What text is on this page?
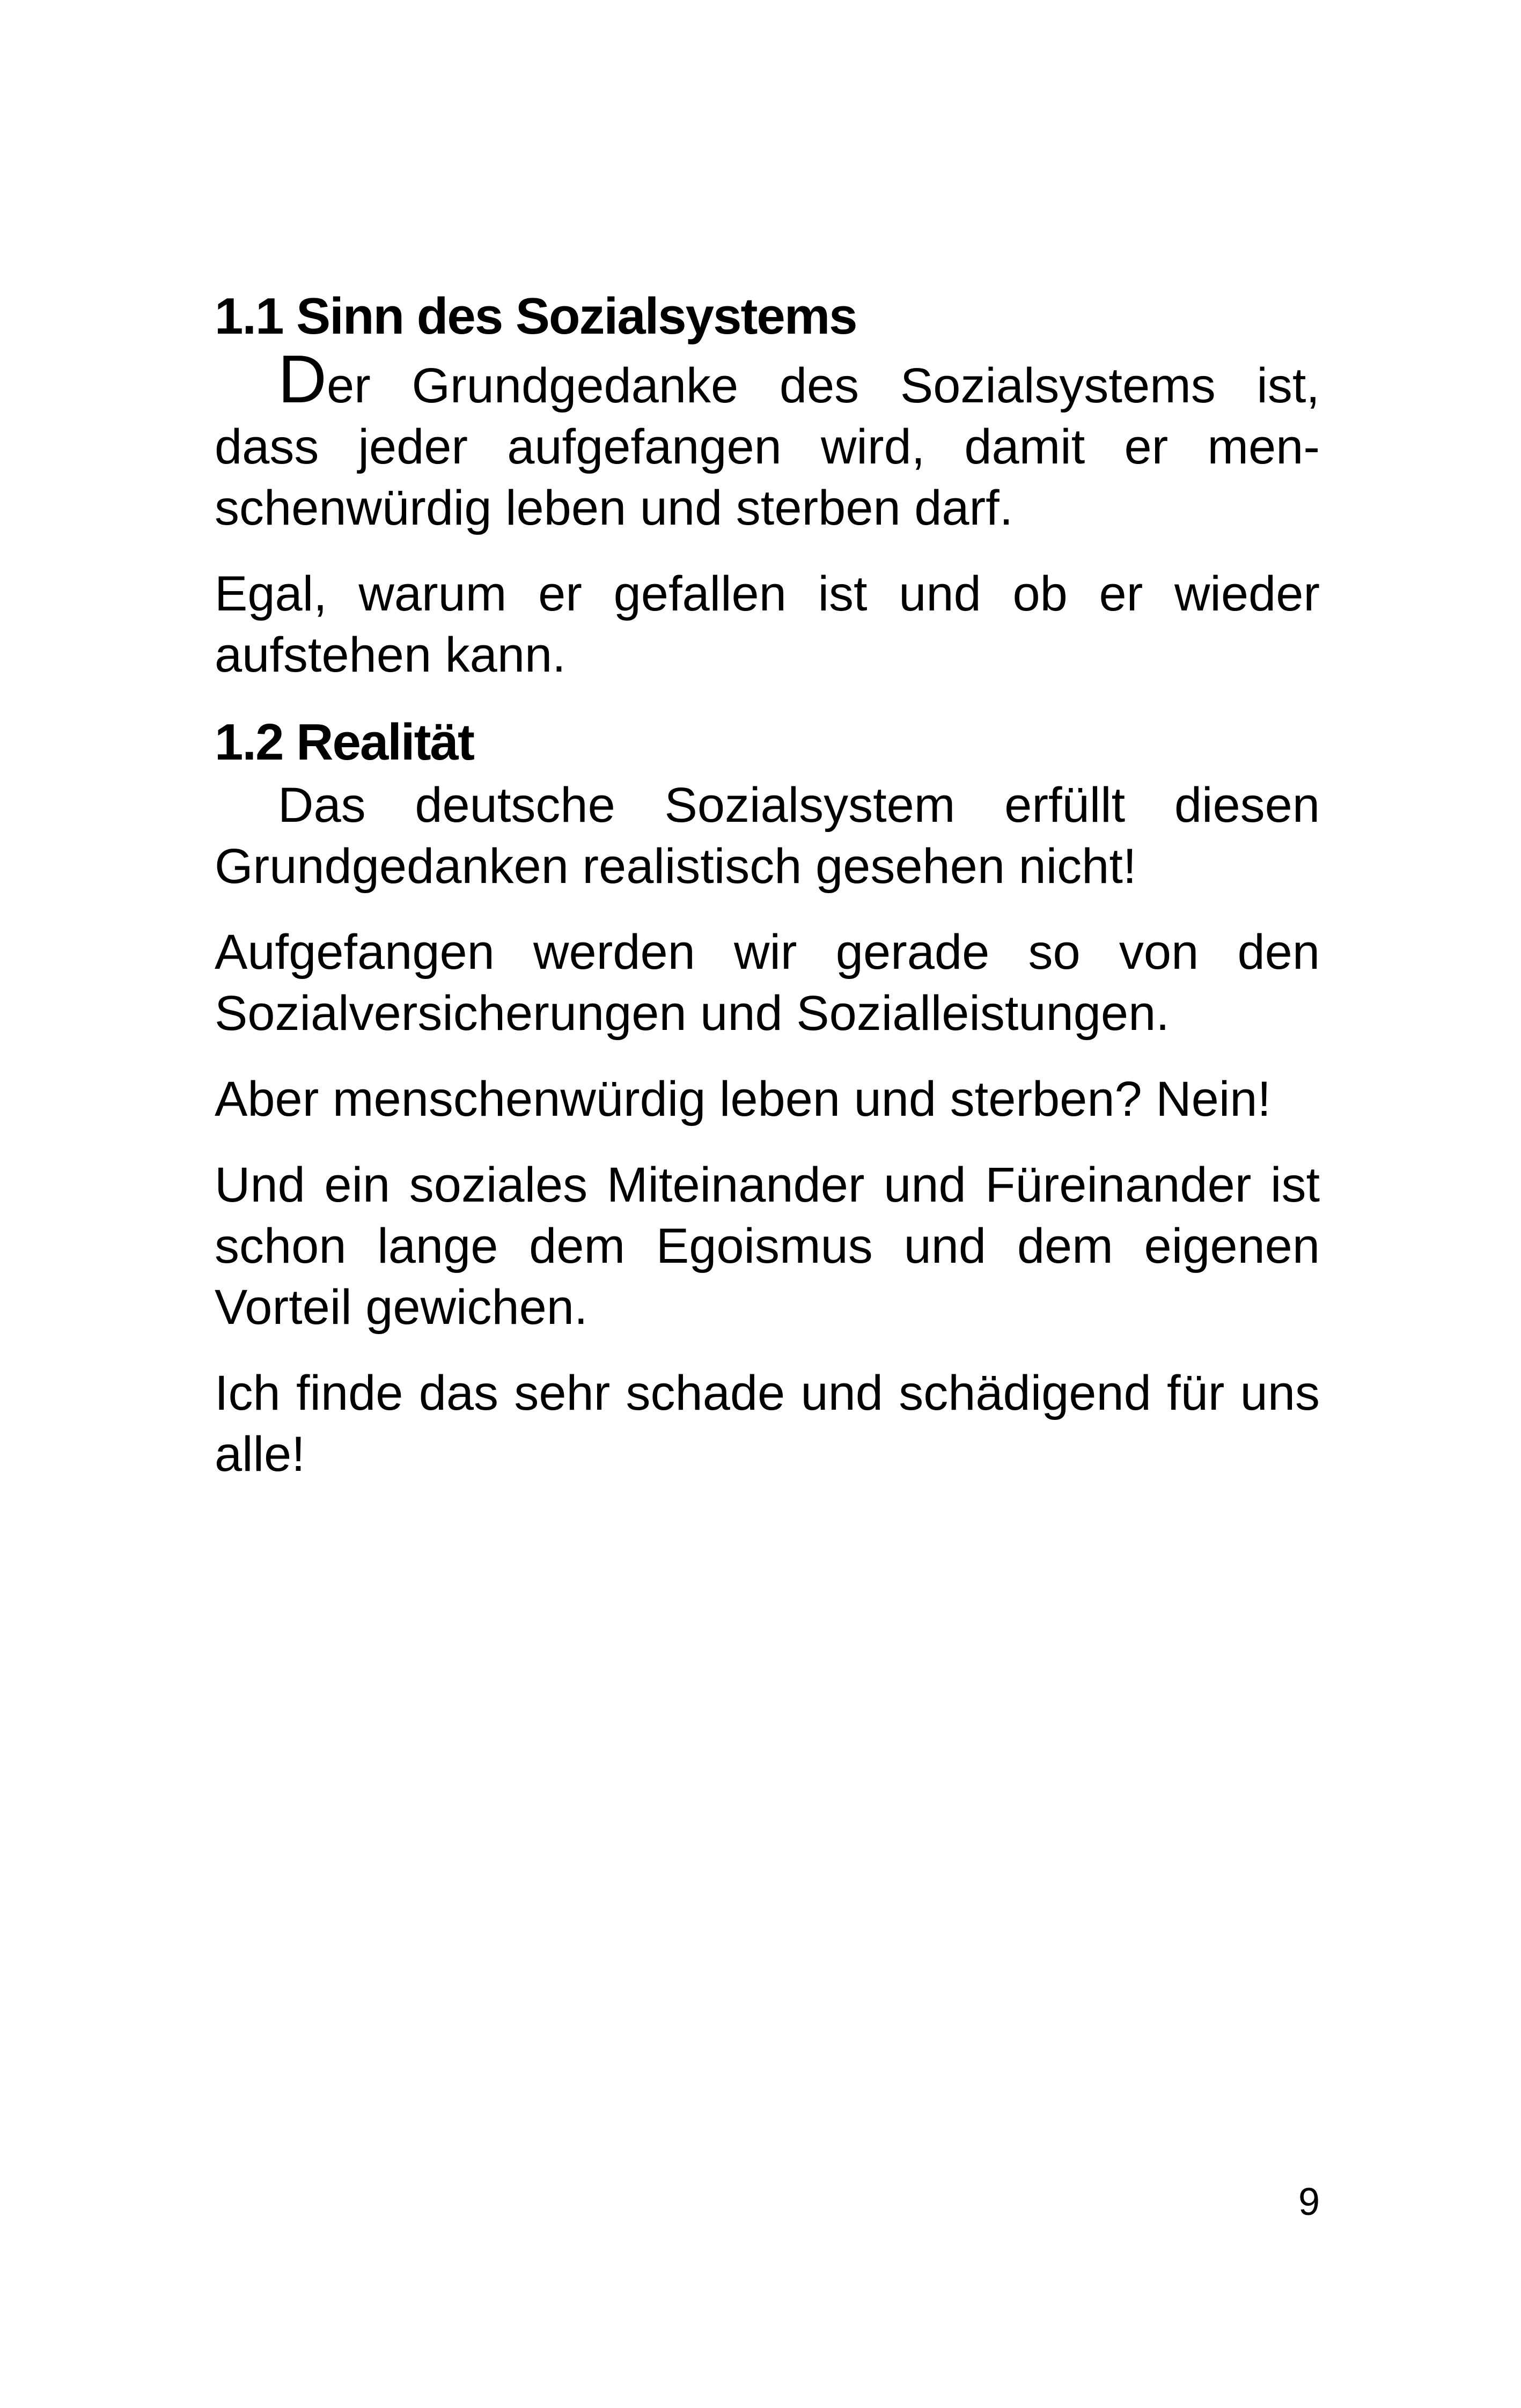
1.1 Sinn des Sozialsystems

Der Grundgedanke des Sozialsystems ist, dass jeder aufgefangen wird, damit er menschenwürdig leben und sterben darf.

Egal, warum er gefallen ist und ob er wieder aufstehen kann.

1.2 Realität

Das deutsche Sozialsystem erfüllt diesen Grundgedanken realistisch gesehen nicht!

Aufgefangen werden wir gerade so von den Sozialversicherungen und Sozialleistungen.

Aber menschenwürdig leben und sterben? Nein!

Und ein soziales Miteinander und Füreinander ist schon lange dem Egoismus und dem eigenen Vorteil gewichen.

Ich finde das sehr schade und schädigend für uns alle!

9
